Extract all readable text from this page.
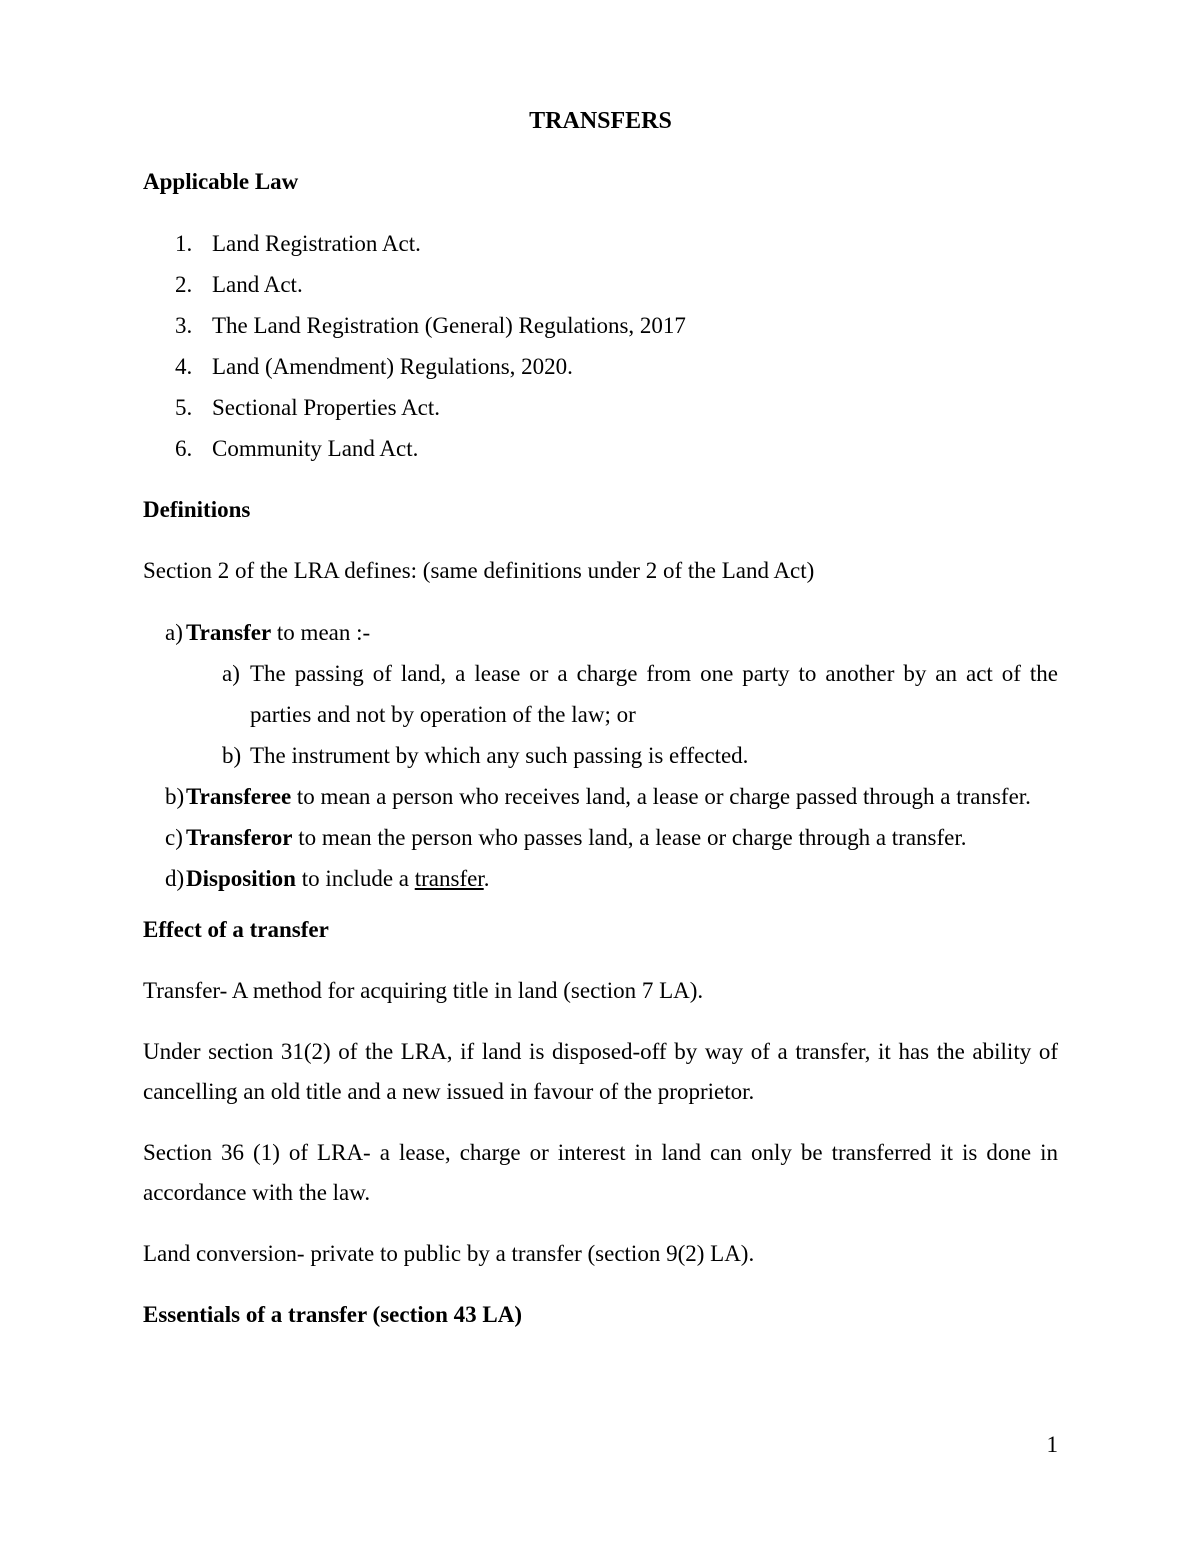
TRANSFERS
Applicable Law
1. Land Registration Act.
2. Land Act.
3. The Land Registration (General) Regulations, 2017
4. Land (Amendment) Regulations, 2020.
5. Sectional Properties Act.
6. Community Land Act.
Definitions

Section 2 of the LRA defines: (same definitions under 2 of the Land Act)

a) Transfer to mean :-
a) The passing of land, a lease or a charge from one party to another by an act of the parties and not by operation of the law; or
b) The instrument by which any such passing is effected.
b) Transferee to mean a person who receives land, a lease or charge passed through a transfer.
c) Transferor to mean the person who passes land, a lease or charge through a transfer.
d) Disposition to include a transfer.
Effect of a transfer

Transfer- A method for acquiring title in land (section 7 LA).

Under section 31(2) of the LRA, if land is disposed-off by way of a transfer, it has the ability of cancelling an old title and a new issued in favour of the proprietor.

Section 36 (1) of LRA- a lease, charge or interest in land can only be transferred it is done in accordance with the law.

Land conversion- private to public by a transfer (section 9(2) LA).

Essentials of a transfer (section 43 LA)
1
